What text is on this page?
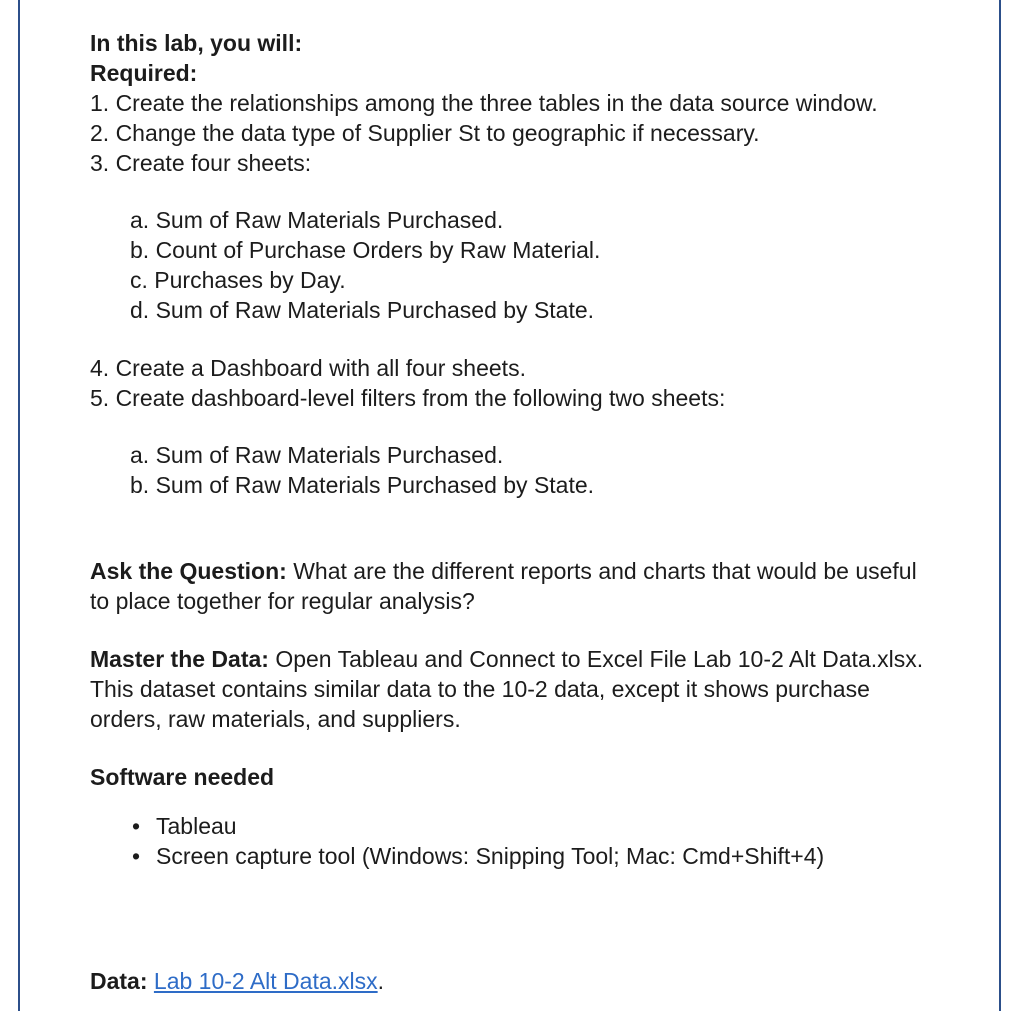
In this lab, you will:

Required:

1. Create the relationships among the three tables in the data source window.
2. Change the data type of Supplier St to geographic if necessary.
3. Create four sheets:
a. Sum of Raw Materials Purchased.
b. Count of Purchase Orders by Raw Material.
c. Purchases by Day.
d. Sum of Raw Materials Purchased by State.
4. Create a Dashboard with all four sheets.
5. Create dashboard-level filters from the following two sheets:
a. Sum of Raw Materials Purchased.
b. Sum of Raw Materials Purchased by State.

Ask the Question: What are the different reports and charts that would be useful to place together for regular analysis?

Master the Data: Open Tableau and Connect to Excel File Lab 10-2 Alt Data.xlsx. This dataset contains similar data to the 10-2 data, except it shows purchase orders, raw materials, and suppliers.

Software needed

• Tableau
• Screen capture tool (Windows: Snipping Tool; Mac: Cmd+Shift+4)

Data: Lab 10-2 Alt Data.xlsx.
